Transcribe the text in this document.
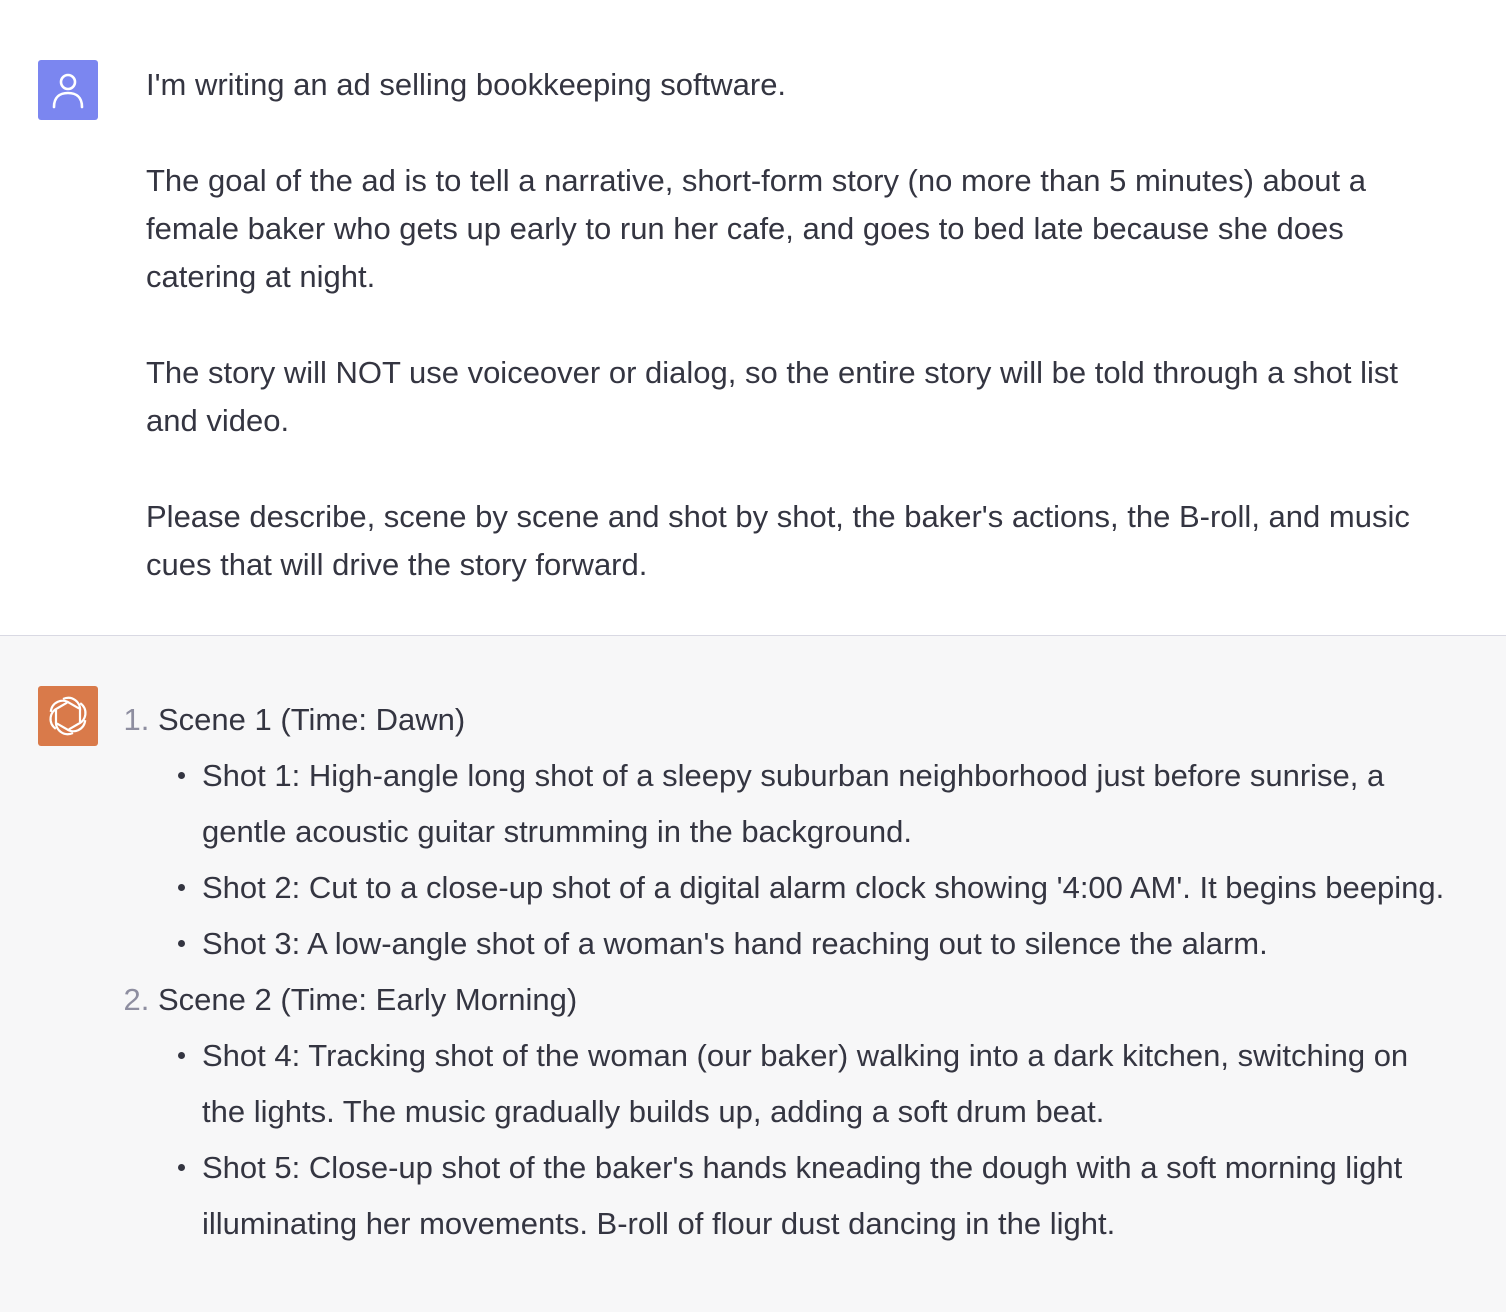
I'm writing an ad selling bookkeeping software.

The goal of the ad is to tell a narrative, short-form story (no more than 5 minutes) about a female baker who gets up early to run her cafe, and goes to bed late because she does catering at night.

The story will NOT use voiceover or dialog, so the entire story will be told through a shot list and video.

Please describe, scene by scene and shot by shot, the baker's actions, the B-roll, and music cues that will drive the story forward.

1. Scene 1 (Time: Dawn)
Shot 1: High-angle long shot of a sleepy suburban neighborhood just before sunrise, a gentle acoustic guitar strumming in the background.
Shot 2: Cut to a close-up shot of a digital alarm clock showing '4:00 AM'. It begins beeping.
Shot 3: A low-angle shot of a woman's hand reaching out to silence the alarm.
2. Scene 2 (Time: Early Morning)
Shot 4: Tracking shot of the woman (our baker) walking into a dark kitchen, switching on the lights. The music gradually builds up, adding a soft drum beat.
Shot 5: Close-up shot of the baker's hands kneading the dough with a soft morning light illuminating her movements. B-roll of flour dust dancing in the light.
